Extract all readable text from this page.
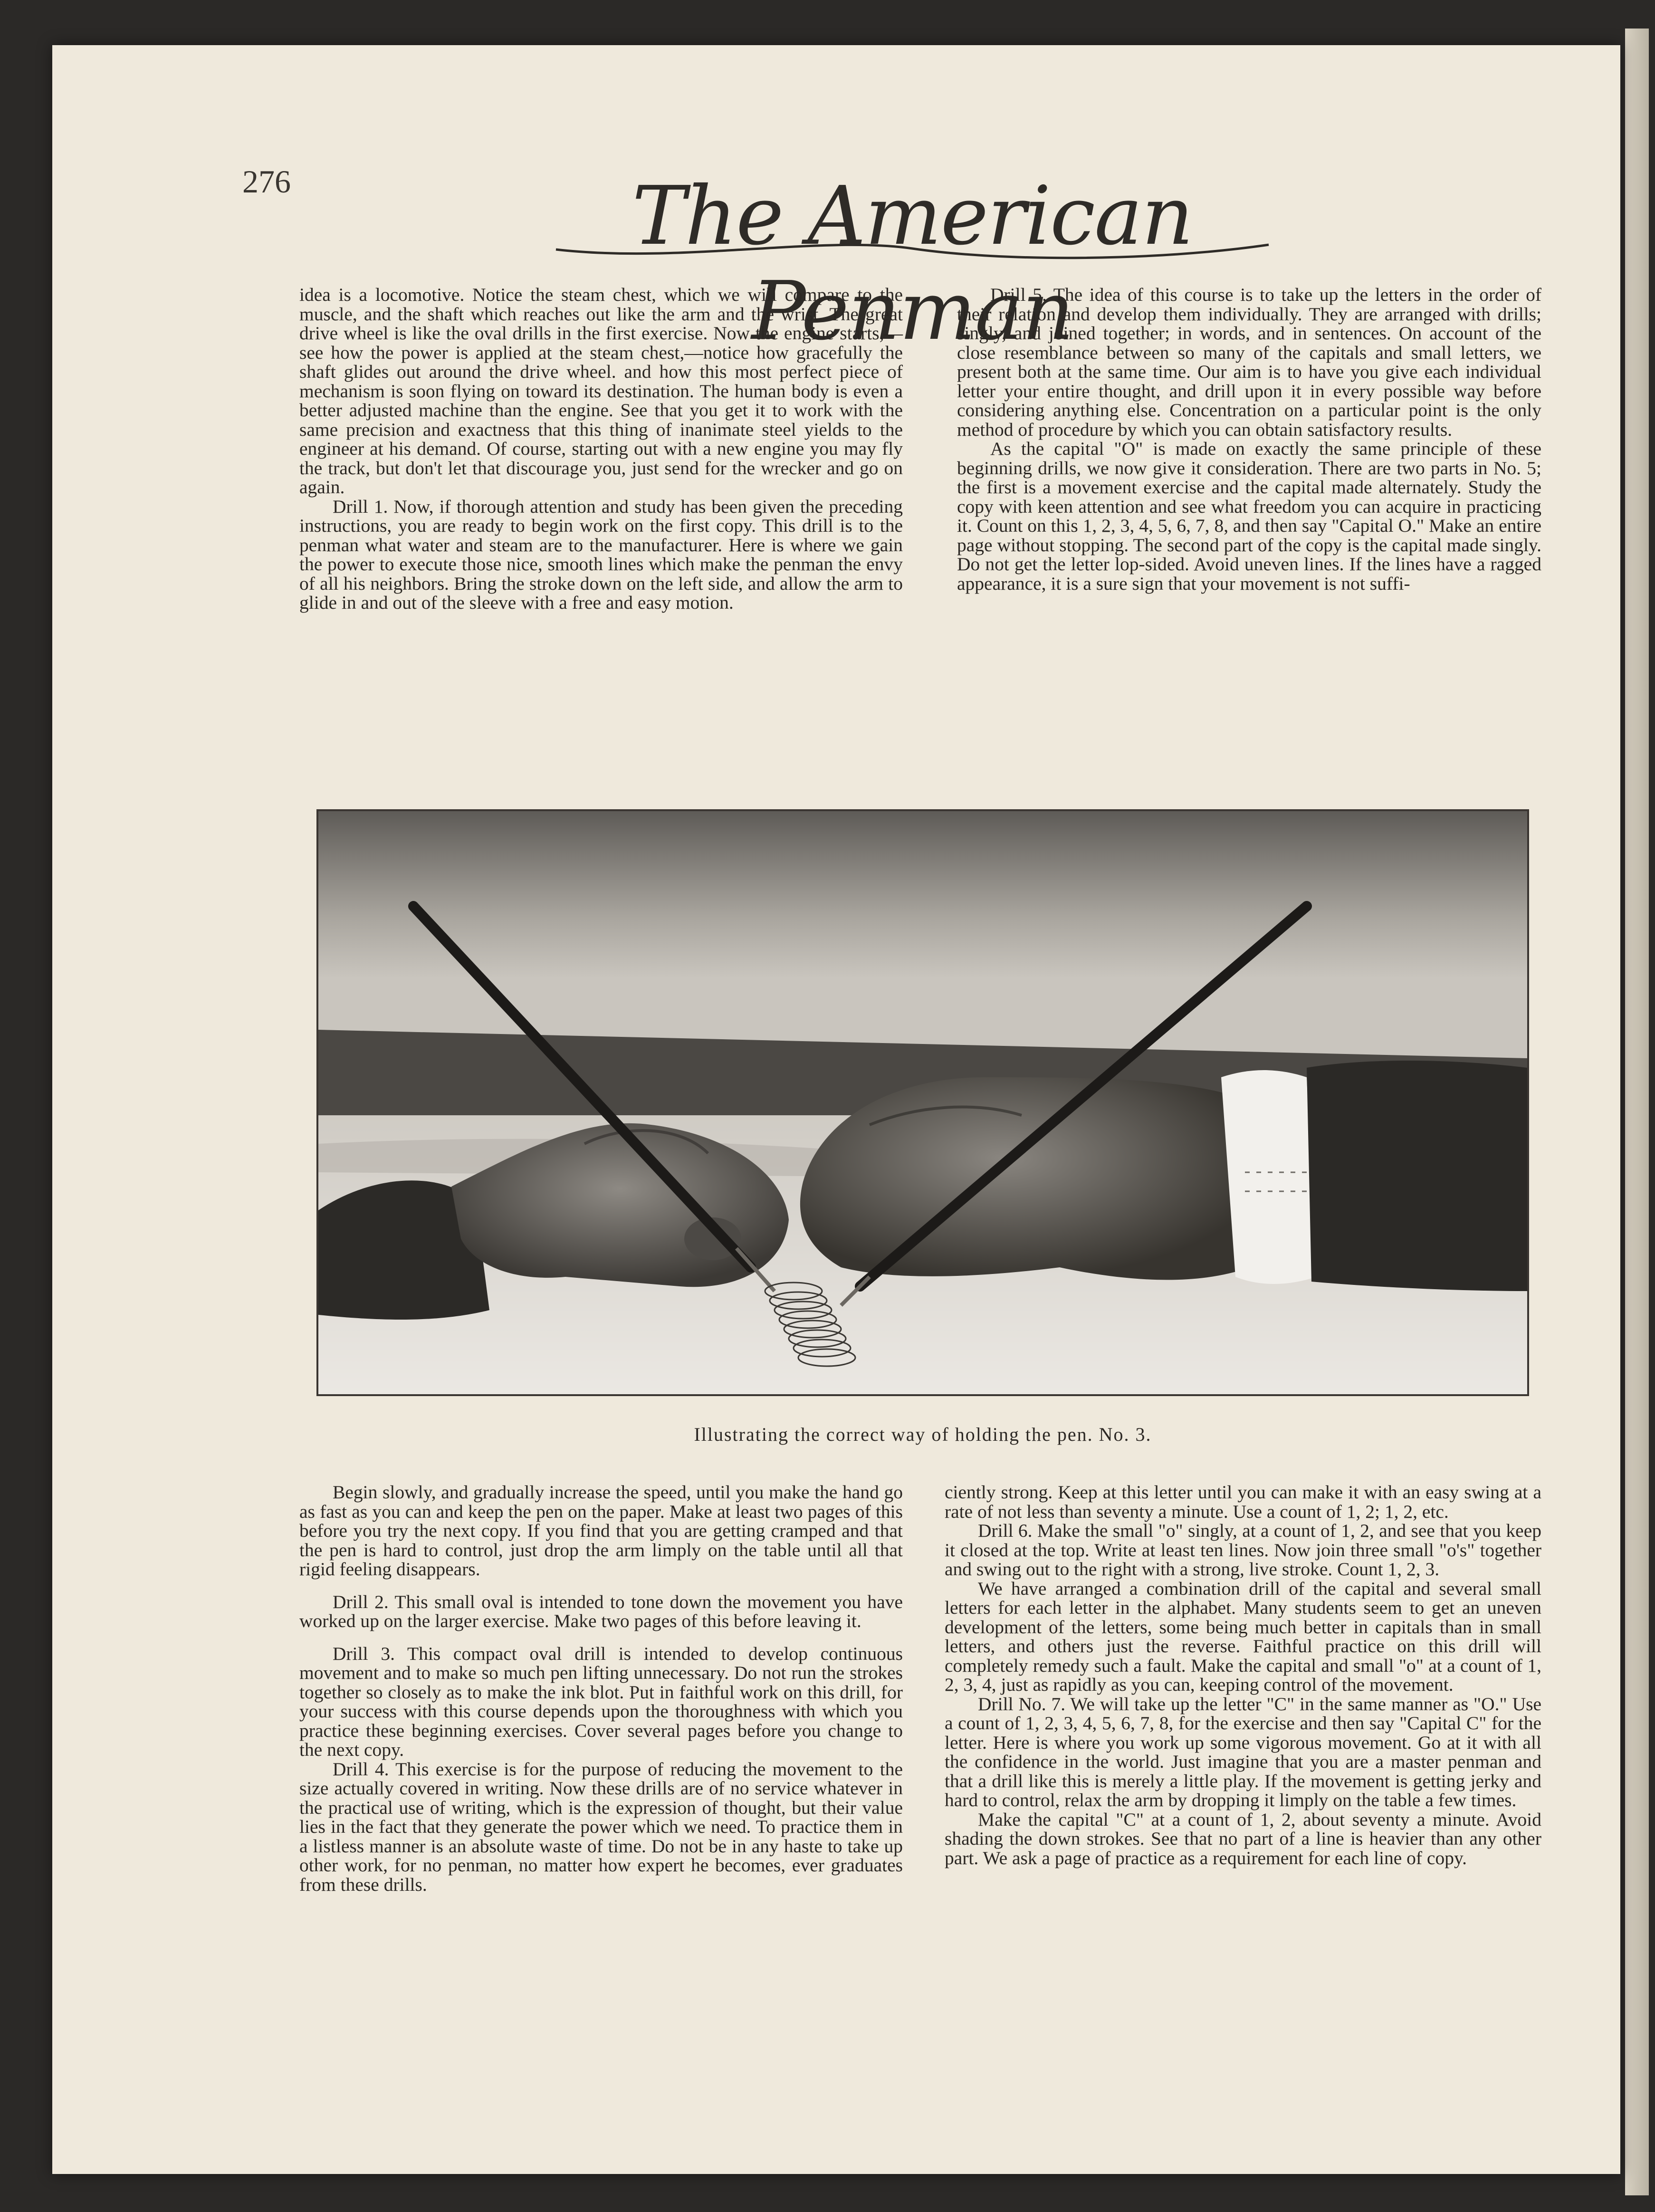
276	The American Penman

idea is a locomotive. Notice the steam chest, which we will compare to the muscle, and the shaft which reaches out like the arm and the wrist. The great drive wheel is like the oval drills in the first exercise. Now the engine starts,—see how the power is applied at the steam chest,—notice how gracefully the shaft glides out around the drive wheel. and how this most perfect piece of mechanism is soon flying on toward its destination. The human body is even a better adjusted machine than the engine. See that you get it to work with the same precision and exactness that this thing of inanimate steel yields to the engineer at his demand. Of course, starting out with a new engine you may fly the track, but don't let that discourage you, just send for the wrecker and go on again.

Drill 1. Now, if thorough attention and study has been given the preceding instructions, you are ready to begin work on the first copy. This drill is to the penman what water and steam are to the manufacturer. Here is where we gain the power to execute those nice, smooth lines which make the penman the envy of all his neighbors. Bring the stroke down on the left side, and allow the arm to glide in and out of the sleeve with a free and easy motion.

Drill 5. The idea of this course is to take up the letters in the order of their relation and develop them individually. They are arranged with drills; singly, and joined together; in words, and in sentences. On account of the close resemblance between so many of the capitals and small letters, we present both at the same time. Our aim is to have you give each individual letter your entire thought, and drill upon it in every possible way before considering anything else. Concentration on a particular point is the only method of procedure by which you can obtain satisfactory results.

As the capital "O" is made on exactly the same principle of these beginning drills, we now give it consideration. There are two parts in No. 5; the first is a movement exercise and the capital made alternately. Study the copy with keen attention and see what freedom you can acquire in practicing it. Count on this 1, 2, 3, 4, 5, 6, 7, 8, and then say "Capital O." Make an entire page without stopping. The second part of the copy is the capital made singly. Do not get the letter lop-sided. Avoid uneven lines. If the lines have a ragged appearance, it is a sure sign that your movement is not suffi-

Illustrating the correct way of holding the pen. No. 3.

Begin slowly, and gradually increase the speed, until you make the hand go as fast as you can and keep the pen on the paper. Make at least two pages of this before you try the next copy. If you find that you are getting cramped and that the pen is hard to control, just drop the arm limply on the table until all that rigid feeling disappears.

Drill 2. This small oval is intended to tone down the movement you have worked up on the larger exercise. Make two pages of this before leaving it.

Drill 3. This compact oval drill is intended to develop continuous movement and to make so much pen lifting unnecessary. Do not run the strokes together so closely as to make the ink blot. Put in faithful work on this drill, for your success with this course depends upon the thoroughness with which you practice these beginning exercises. Cover several pages before you change to the next copy.

Drill 4. This exercise is for the purpose of reducing the movement to the size actually covered in writing. Now these drills are of no service whatever in the practical use of writing, which is the expression of thought, but their value lies in the fact that they generate the power which we need. To practice them in a listless manner is an absolute waste of time. Do not be in any haste to take up other work, for no penman, no matter how expert he becomes, ever graduates from these drills.

ciently strong. Keep at this letter until you can make it with an easy swing at a rate of not less than seventy a minute. Use a count of 1, 2; 1, 2, etc.

Drill 6. Make the small "o" singly, at a count of 1, 2, and see that you keep it closed at the top. Write at least ten lines. Now join three small "o's" together and swing out to the right with a strong, live stroke. Count 1, 2, 3.

We have arranged a combination drill of the capital and several small letters for each letter in the alphabet. Many students seem to get an uneven development of the letters, some being much better in capitals than in small letters, and others just the reverse. Faithful practice on this drill will completely remedy such a fault. Make the capital and small "o" at a count of 1, 2, 3, 4, just as rapidly as you can, keeping control of the movement.

Drill No. 7. We will take up the letter "C" in the same manner as "O." Use a count of 1, 2, 3, 4, 5, 6, 7, 8, for the exercise and then say "Capital C" for the letter. Here is where you work up some vigorous movement. Go at it with all the confidence in the world. Just imagine that you are a master penman and that a drill like this is merely a little play. If the movement is getting jerky and hard to control, relax the arm by dropping it limply on the table a few times.

Make the capital "C" at a count of 1, 2, about seventy a minute. Avoid shading the down strokes. See that no part of a line is heavier than any other part. We ask a page of practice as a requirement for each line of copy.
